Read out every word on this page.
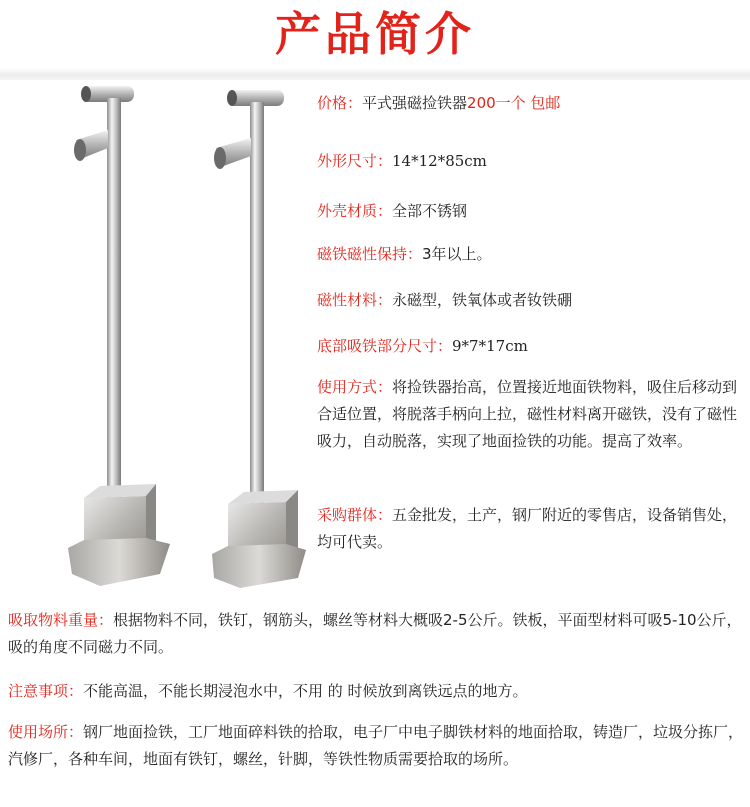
产品简介
价格：平式强磁捡铁器200一个 包邮
外形尺寸：14*12*85cm
外壳材质：全部不锈钢
磁铁磁性保持：3年以上。
磁性材料：永磁型，铁氧体或者钕铁硼
底部吸铁部分尺寸：9*7*17cm
使用方式：将捡铁器抬高，位置接近地面铁物料，吸住后移动到合适位置，将脱落手柄向上拉，磁性材料离开磁铁，没有了磁性吸力，自动脱落，实现了地面捡铁的功能。提高了效率。
采购群体：五金批发，土产，钢厂附近的零售店，设备销售处，均可代卖。
吸取物料重量：根据物料不同，铁钉，钢筋头，螺丝等材料大概吸2-5公斤。铁板，平面型材料可吸5-10公斤，吸的角度不同磁力不同。
注意事项：不能高温，不能长期浸泡水中，不用 的 时候放到离铁远点的地方。
使用场所：钢厂地面捡铁，工厂地面碎料铁的拾取，电子厂中电子脚铁材料的地面拾取，铸造厂，垃圾分拣厂，汽修厂，各种车间，地面有铁钉，螺丝，针脚，等铁性物质需要拾取的场所。
